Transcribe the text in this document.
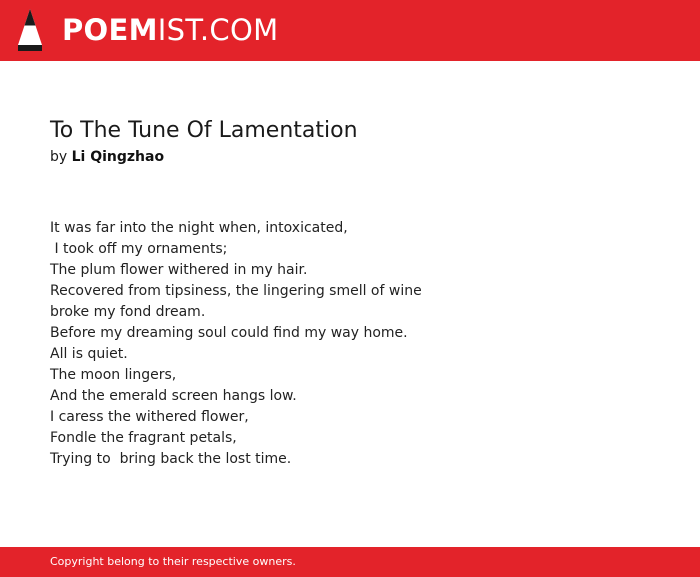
POEMIST.COM
To The Tune Of Lamentation
by Li Qingzhao
It was far into the night when, intoxicated,
I took off my ornaments;
The plum flower withered in my hair.
Recovered from tipsiness, the lingering smell of wine
broke my fond dream.
Before my dreaming soul could find my way home.
All is quiet.
The moon lingers,
And the emerald screen hangs low.
I caress the withered flower,
Fondle the fragrant petals,
Trying to  bring back the lost time.
Copyright belong to their respective owners.
